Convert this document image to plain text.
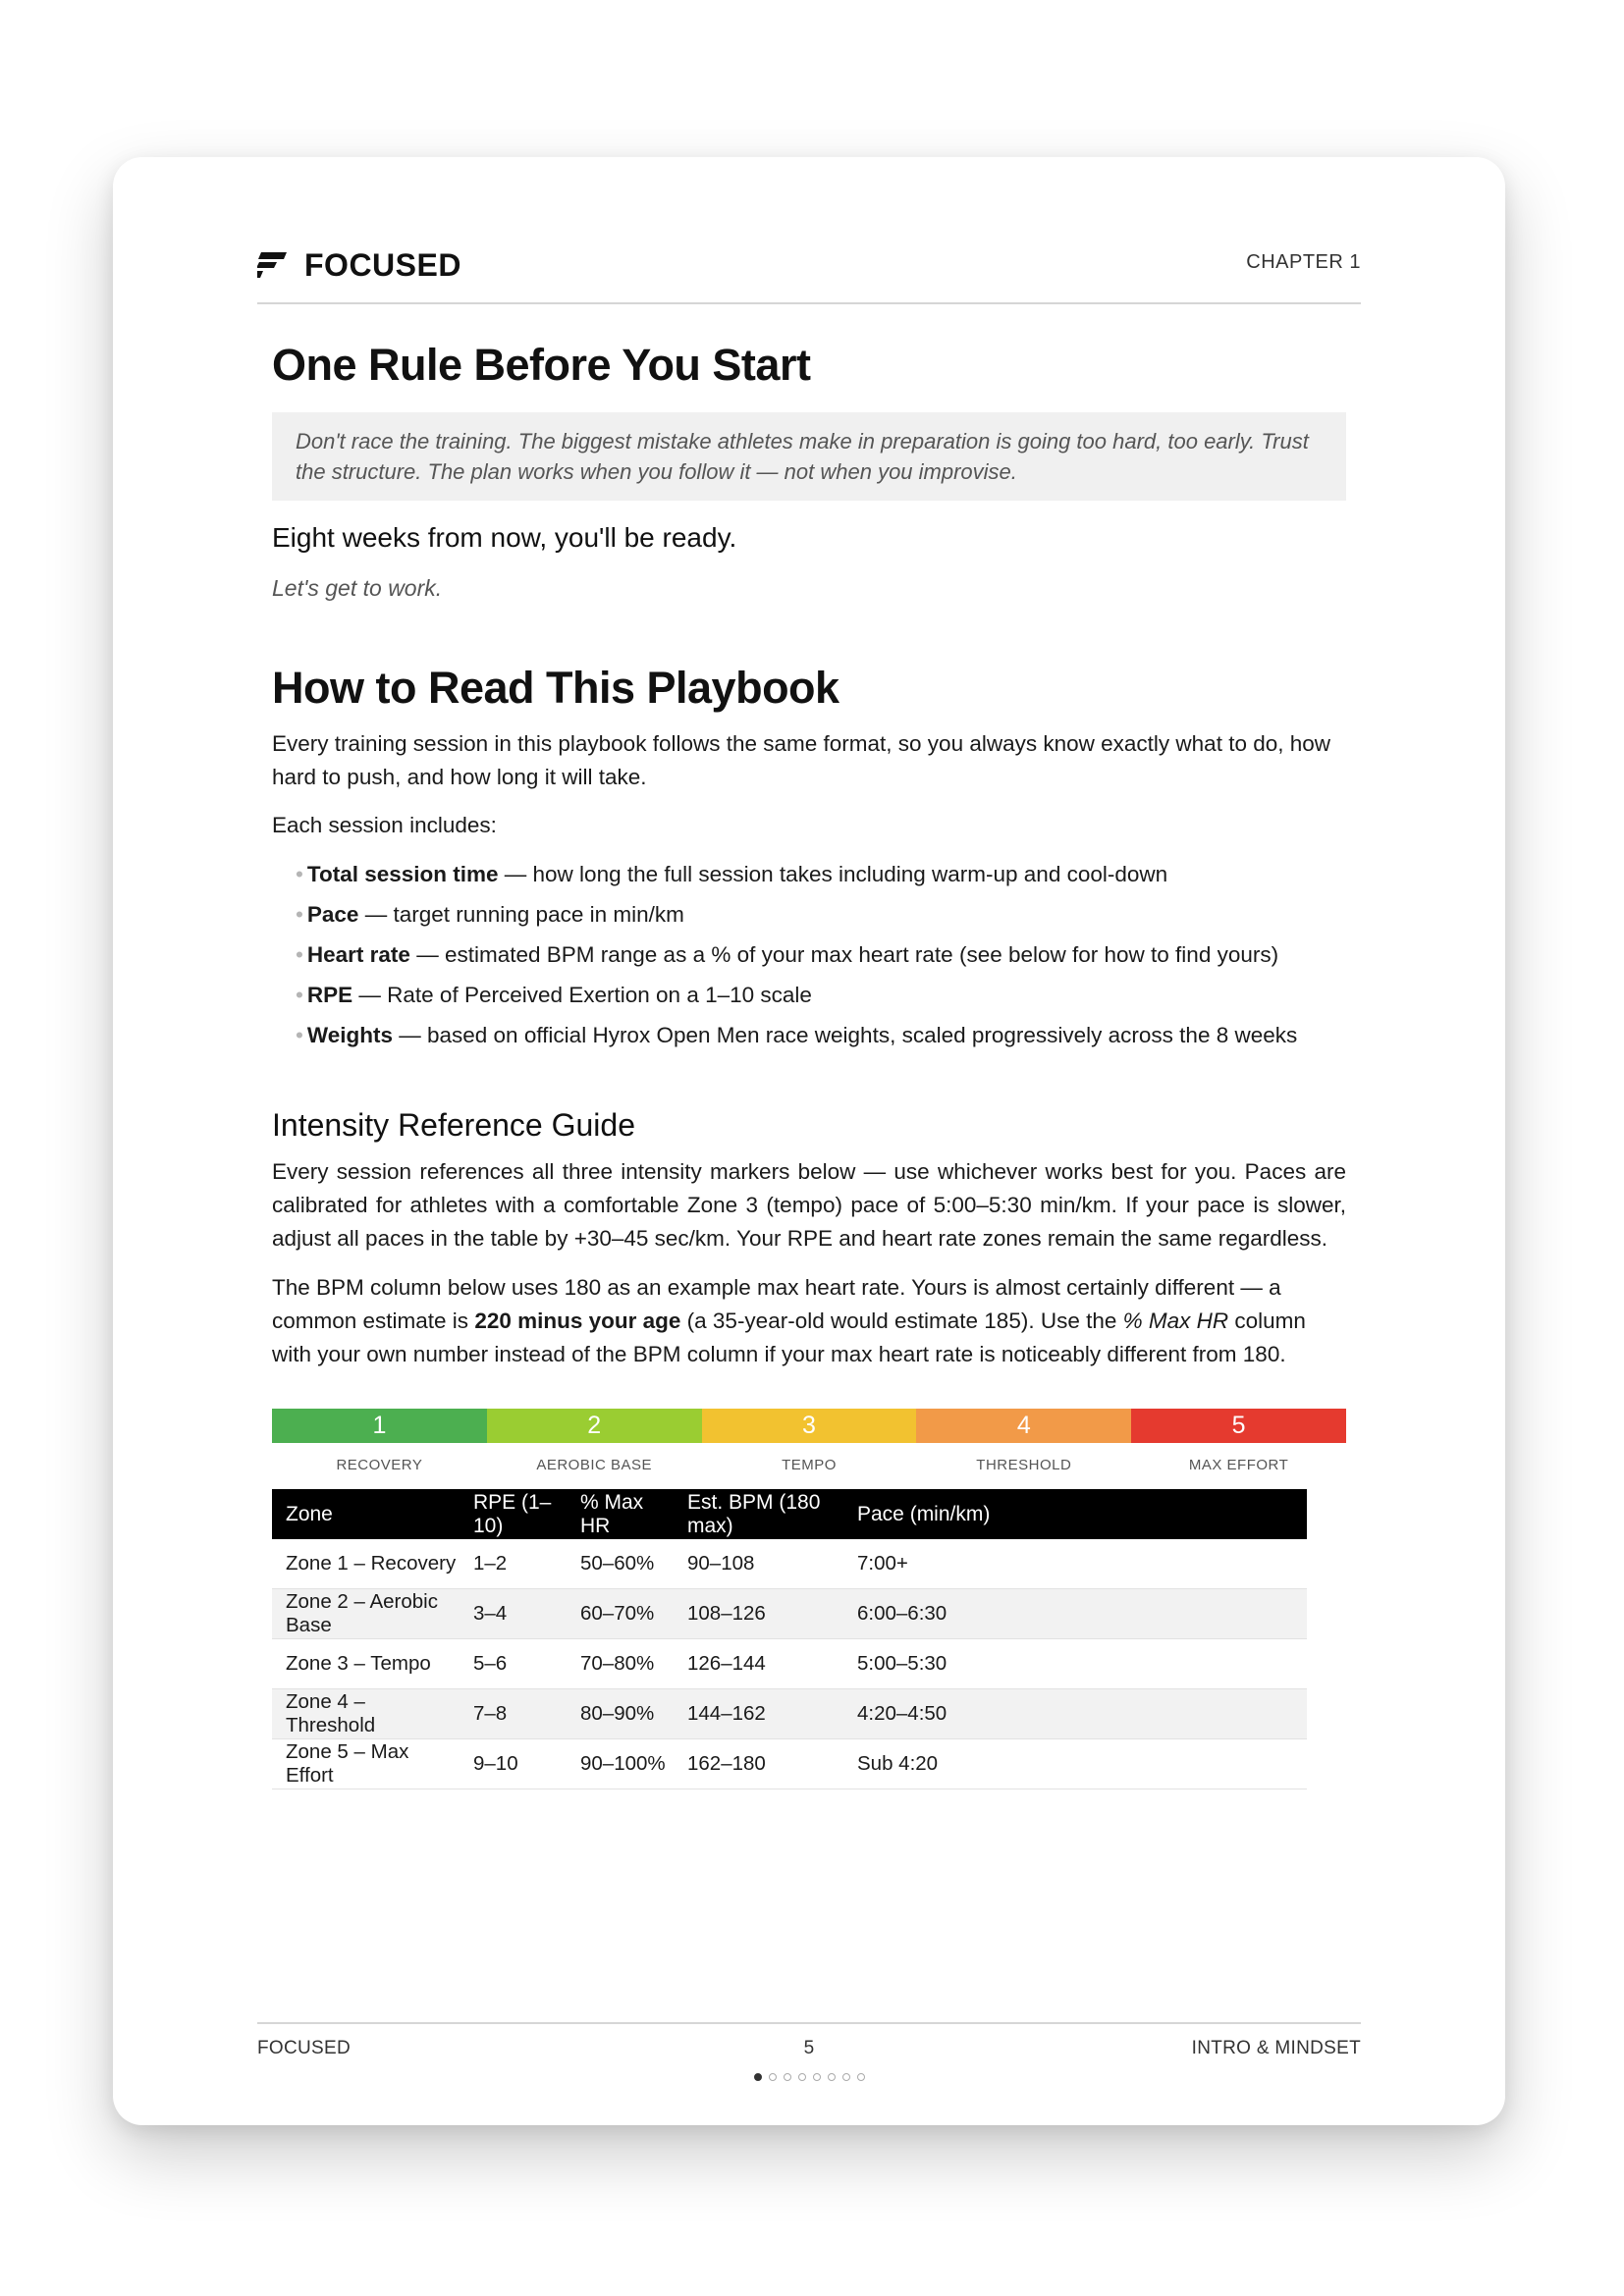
FOCUSED	CHAPTER 1
One Rule Before You Start
Don't race the training. The biggest mistake athletes make in preparation is going too hard, too early. Trust the structure. The plan works when you follow it — not when you improvise.
Eight weeks from now, you'll be ready.
Let's get to work.
How to Read This Playbook

Every training session in this playbook follows the same format, so you always know exactly what to do, how hard to push, and how long it will take.

Each session includes:

• Total session time — how long the full session takes including warm-up and cool-down
• Pace — target running pace in min/km
• Heart rate — estimated BPM range as a % of your max heart rate (see below for how to find yours)
• RPE — Rate of Perceived Exertion on a 1–10 scale
• Weights — based on official Hyrox Open Men race weights, scaled progressively across the 8 weeks
Intensity Reference Guide

Every session references all three intensity markers below — use whichever works best for you. Paces are calibrated for athletes with a comfortable Zone 3 (tempo) pace of 5:00–5:30 min/km. If your pace is slower, adjust all paces in the table by +30–45 sec/km. Your RPE and heart rate zones remain the same regardless.

The BPM column below uses 180 as an example max heart rate. Yours is almost certainly different — a common estimate is 220 minus your age (a 35-year-old would estimate 185). Use the % Max HR column with your own number instead of the BPM column if your max heart rate is noticeably different from 180.

1	2	3	4	5
RECOVERY	AEROBIC BASE	TEMPO	THRESHOLD	MAX EFFORT
Zone	RPE (1–10)	% Max HR	Est. BPM (180 max)	Pace (min/km)
Zone 1 – Recovery	1–2	50–60%	90–108	7:00+
Zone 2 – Aerobic Base	3–4	60–70%	108–126	6:00–6:30
Zone 3 – Tempo	5–6	70–80%	126–144	5:00–5:30
Zone 4 – Threshold	7–8	80–90%	144–162	4:20–4:50
Zone 5 – Max Effort	9–10	90–100%	162–180	Sub 4:20
FOCUSED	5	INTRO & MINDSET
